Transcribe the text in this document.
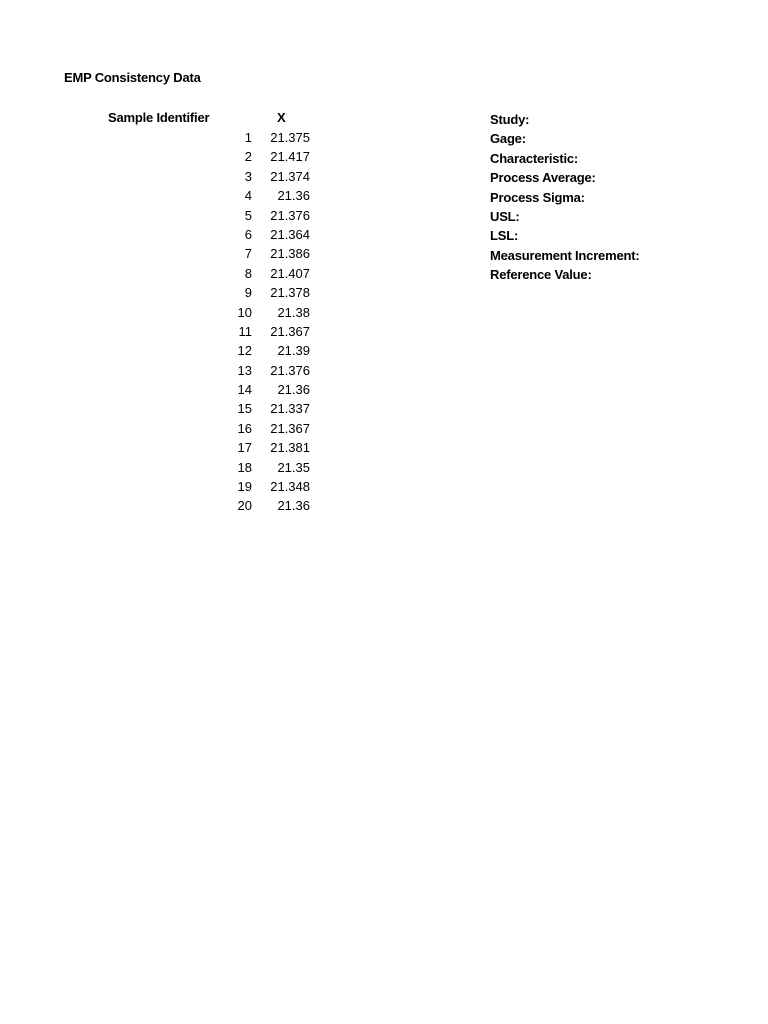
EMP Consistency Data
Sample Identifier	X
1	21.375
2	21.417
3	21.374
4	21.36
5	21.376
6	21.364
7	21.386
8	21.407
9	21.378
10	21.38
11	21.367
12	21.39
13	21.376
14	21.36
15	21.337
16	21.367
17	21.381
18	21.35
19	21.348
20	21.36
Study:
Gage:
Characteristic:
Process Average:
Process Sigma:
USL:
LSL:
Measurement Increment:
Reference Value:
